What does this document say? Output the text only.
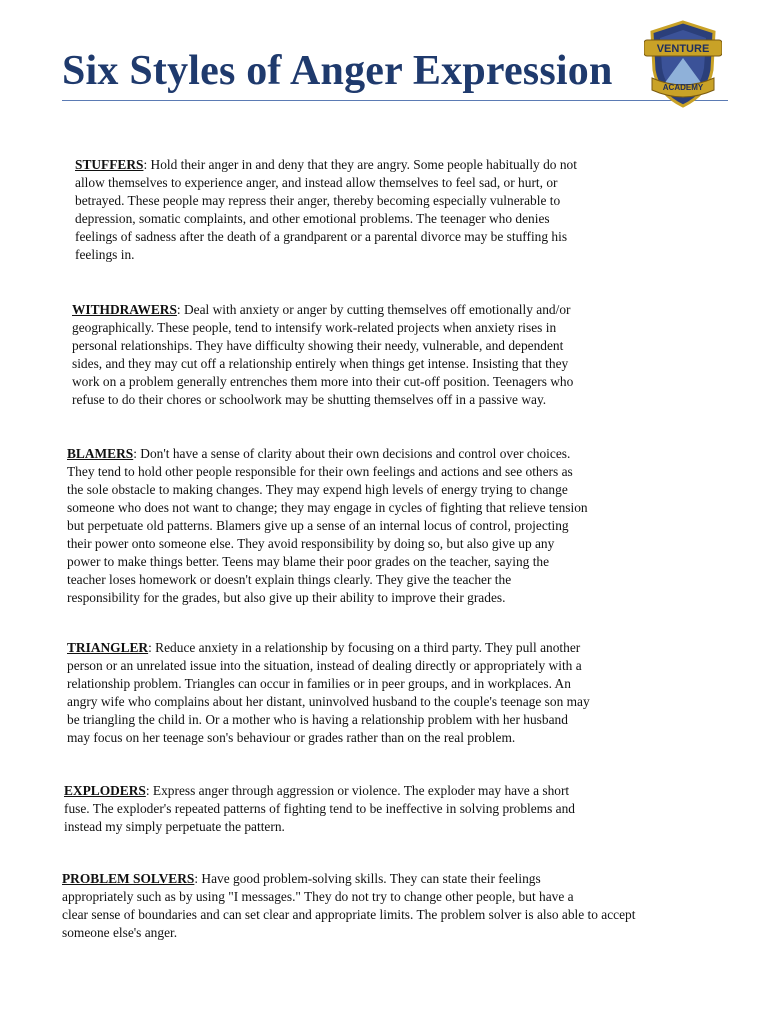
Six Styles of Anger Expression	VENTURE
ACADEMY

STUFFERS: Hold their anger in and deny that they are angry. Some people habitually do not
allow themselves to experience anger, and instead allow themselves to feel sad, or hurt, or
betrayed. These people may repress their anger, thereby becoming especially vulnerable to
depression, somatic complaints, and other emotional problems. The teenager who denies
feelings of sadness after the death of a grandparent or a parental divorce may be stuffing his
feelings in.

WITHDRAWERS: Deal with anxiety or anger by cutting themselves off emotionally and/or
geographically. These people, tend to intensify work-related projects when anxiety rises in
personal relationships. They have difficulty showing their needy, vulnerable, and dependent
sides, and they may cut off a relationship entirely when things get intense. Insisting that they
work on a problem generally entrenches them more into their cut-off position. Teenagers who
refuse to do their chores or schoolwork may be shutting themselves off in a passive way.

BLAMERS: Don't have a sense of clarity about their own decisions and control over choices.
They tend to hold other people responsible for their own feelings and actions and see others as
the sole obstacle to making changes. They may expend high levels of energy trying to change
someone who does not want to change; they may engage in cycles of fighting that relieve tension
but perpetuate old patterns. Blamers give up a sense of an internal locus of control, projecting
their power onto someone else. They avoid responsibility by doing so, but also give up any
power to make things better. Teens may blame their poor grades on the teacher, saying the
teacher loses homework or doesn't explain things clearly. They give the teacher the
responsibility for the grades, but also give up their ability to improve their grades.

TRIANGLER: Reduce anxiety in a relationship by focusing on a third party. They pull another
person or an unrelated issue into the situation, instead of dealing directly or appropriately with a
relationship problem. Triangles can occur in families or in peer groups, and in workplaces. An
angry wife who complains about her distant, uninvolved husband to the couple's teenage son may
be triangling the child in. Or a mother who is having a relationship problem with her husband
may focus on her teenage son's behaviour or grades rather than on the real problem.

EXPLODERS: Express anger through aggression or violence. The exploder may have a short
fuse. The exploder's repeated patterns of fighting tend to be ineffective in solving problems and
instead my simply perpetuate the pattern.

PROBLEM SOLVERS: Have good problem-solving skills. They can state their feelings
appropriately such as by using "I messages." They do not try to change other people, but have a
clear sense of boundaries and can set clear and appropriate limits. The problem solver is also able to accept
someone else's anger.
